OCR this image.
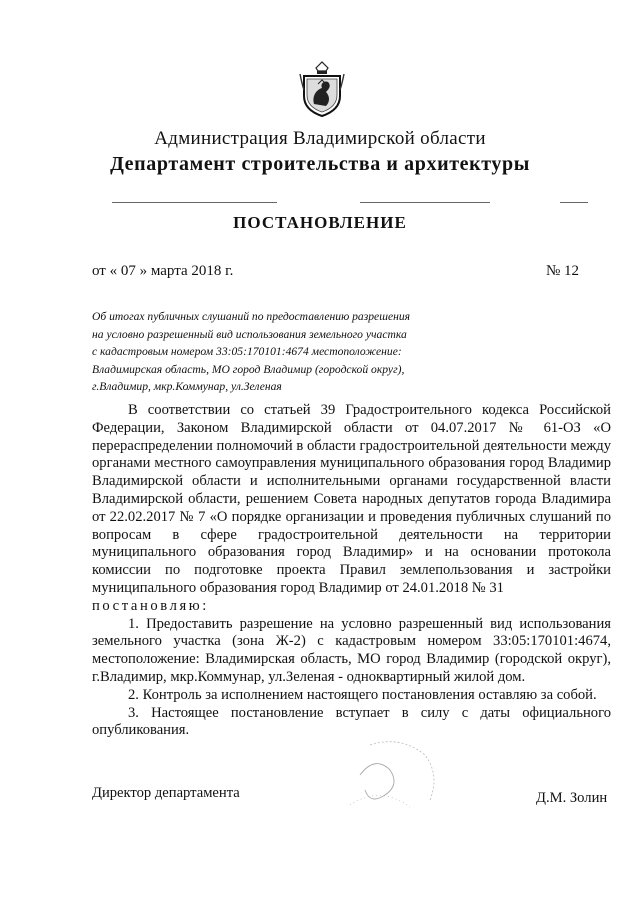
Администрация Владимирской области
Департамент строительства и архитектуры
ПОСТАНОВЛЕНИЕ
от « 07 » марта 2018 г.	№ 12
Об итогах публичных слушаний по предоставлению разрешения
на условно разрешенный вид использования земельного участка
с кадастровым номером 33:05:170101:4674 местоположение:
Владимирская область, МО город Владимир (городской округ),
г.Владимир, мкр.Коммунар, ул.Зеленая

В соответствии со статьей 39 Градостроительного кодекса Российской Федерации, Законом Владимирской области от 04.07.2017 № 61-ОЗ «О перераспределении полномочий в области градостроительной деятельности между органами местного самоуправления муниципального образования город Владимир Владимирской области и исполнительными органами государственной власти Владимирской области, решением Совета народных депутатов города Владимира от 22.02.2017 № 7 «О порядке организации и проведения публичных слушаний по вопросам в сфере градостроительной деятельности на территории муниципального образования город Владимир» и на основании протокола комиссии по подготовке проекта Правил землепользования и застройки муниципального образования город Владимир от 24.01.2018 № 31

постановляю:

1. Предоставить разрешение на условно разрешенный вид использования земельного участка (зона Ж-2) с кадастровым номером 33:05:170101:4674, местоположение: Владимирская область, МО город Владимир (городской округ), г.Владимир, мкр.Коммунар, ул.Зеленая - одноквартирный жилой дом.

2. Контроль за исполнением настоящего постановления оставляю за собой.

3. Настоящее постановление вступает в силу с даты официального опубликования.

Директор департамента	Д.М. Золин
